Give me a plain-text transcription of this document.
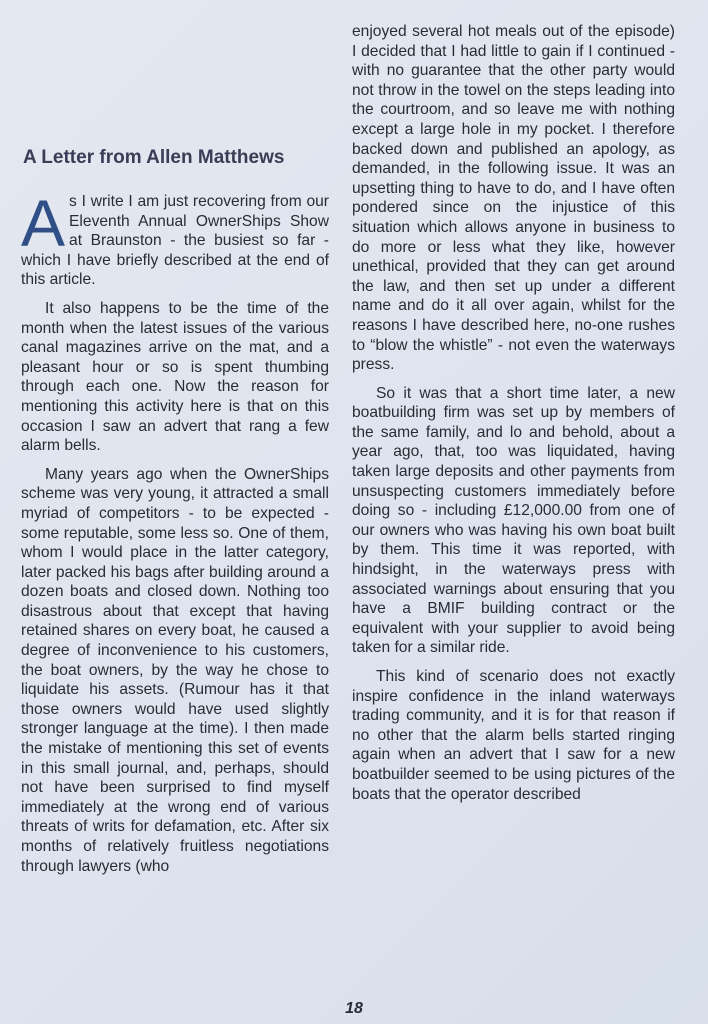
A Letter from Allen Matthews

As I write I am just recovering from our Eleventh Annual OwnerShips Show at Braunston - the busiest so far - which I have briefly described at the end of this article.

It also happens to be the time of the month when the latest issues of the various canal magazines arrive on the mat, and a pleasant hour or so is spent thumbing through each one. Now the reason for mentioning this activity here is that on this occasion I saw an advert that rang a few alarm bells.

Many years ago when the OwnerShips scheme was very young, it attracted a small myriad of competitors - to be expected - some reputable, some less so. One of them, whom I would place in the latter category, later packed his bags after building around a dozen boats and closed down. Nothing too disastrous about that except that having retained shares on every boat, he caused a degree of inconvenience to his customers, the boat owners, by the way he chose to liquidate his assets. (Rumour has it that those owners would have used slightly stronger language at the time). I then made the mistake of mentioning this set of events in this small journal, and, perhaps, should not have been surprised to find myself immediately at the wrong end of various threats of writs for defamation, etc. After six months of relatively fruitless negotiations through lawyers (who

enjoyed several hot meals out of the episode) I decided that I had little to gain if I continued - with no guarantee that the other party would not throw in the towel on the steps leading into the courtroom, and so leave me with nothing except a large hole in my pocket. I therefore backed down and published an apology, as demanded, in the following issue. It was an upsetting thing to have to do, and I have often pondered since on the injustice of this situation which allows anyone in business to do more or less what they like, however unethical, provided that they can get around the law, and then set up under a different name and do it all over again, whilst for the reasons I have described here, no-one rushes to “blow the whistle” - not even the waterways press.

So it was that a short time later, a new boatbuilding firm was set up by members of the same family, and lo and behold, about a year ago, that, too was liquidated, having taken large deposits and other payments from unsuspecting customers immediately before doing so - including £12,000.00 from one of our owners who was having his own boat built by them. This time it was reported, with hindsight, in the waterways press with associated warnings about ensuring that you have a BMIF building contract or the equivalent with your supplier to avoid being taken for a similar ride.

This kind of scenario does not exactly inspire confidence in the inland waterways trading community, and it is for that reason if no other that the alarm bells started ringing again when an advert that I saw for a new boatbuilder seemed to be using pictures of the boats that the operator described

18
